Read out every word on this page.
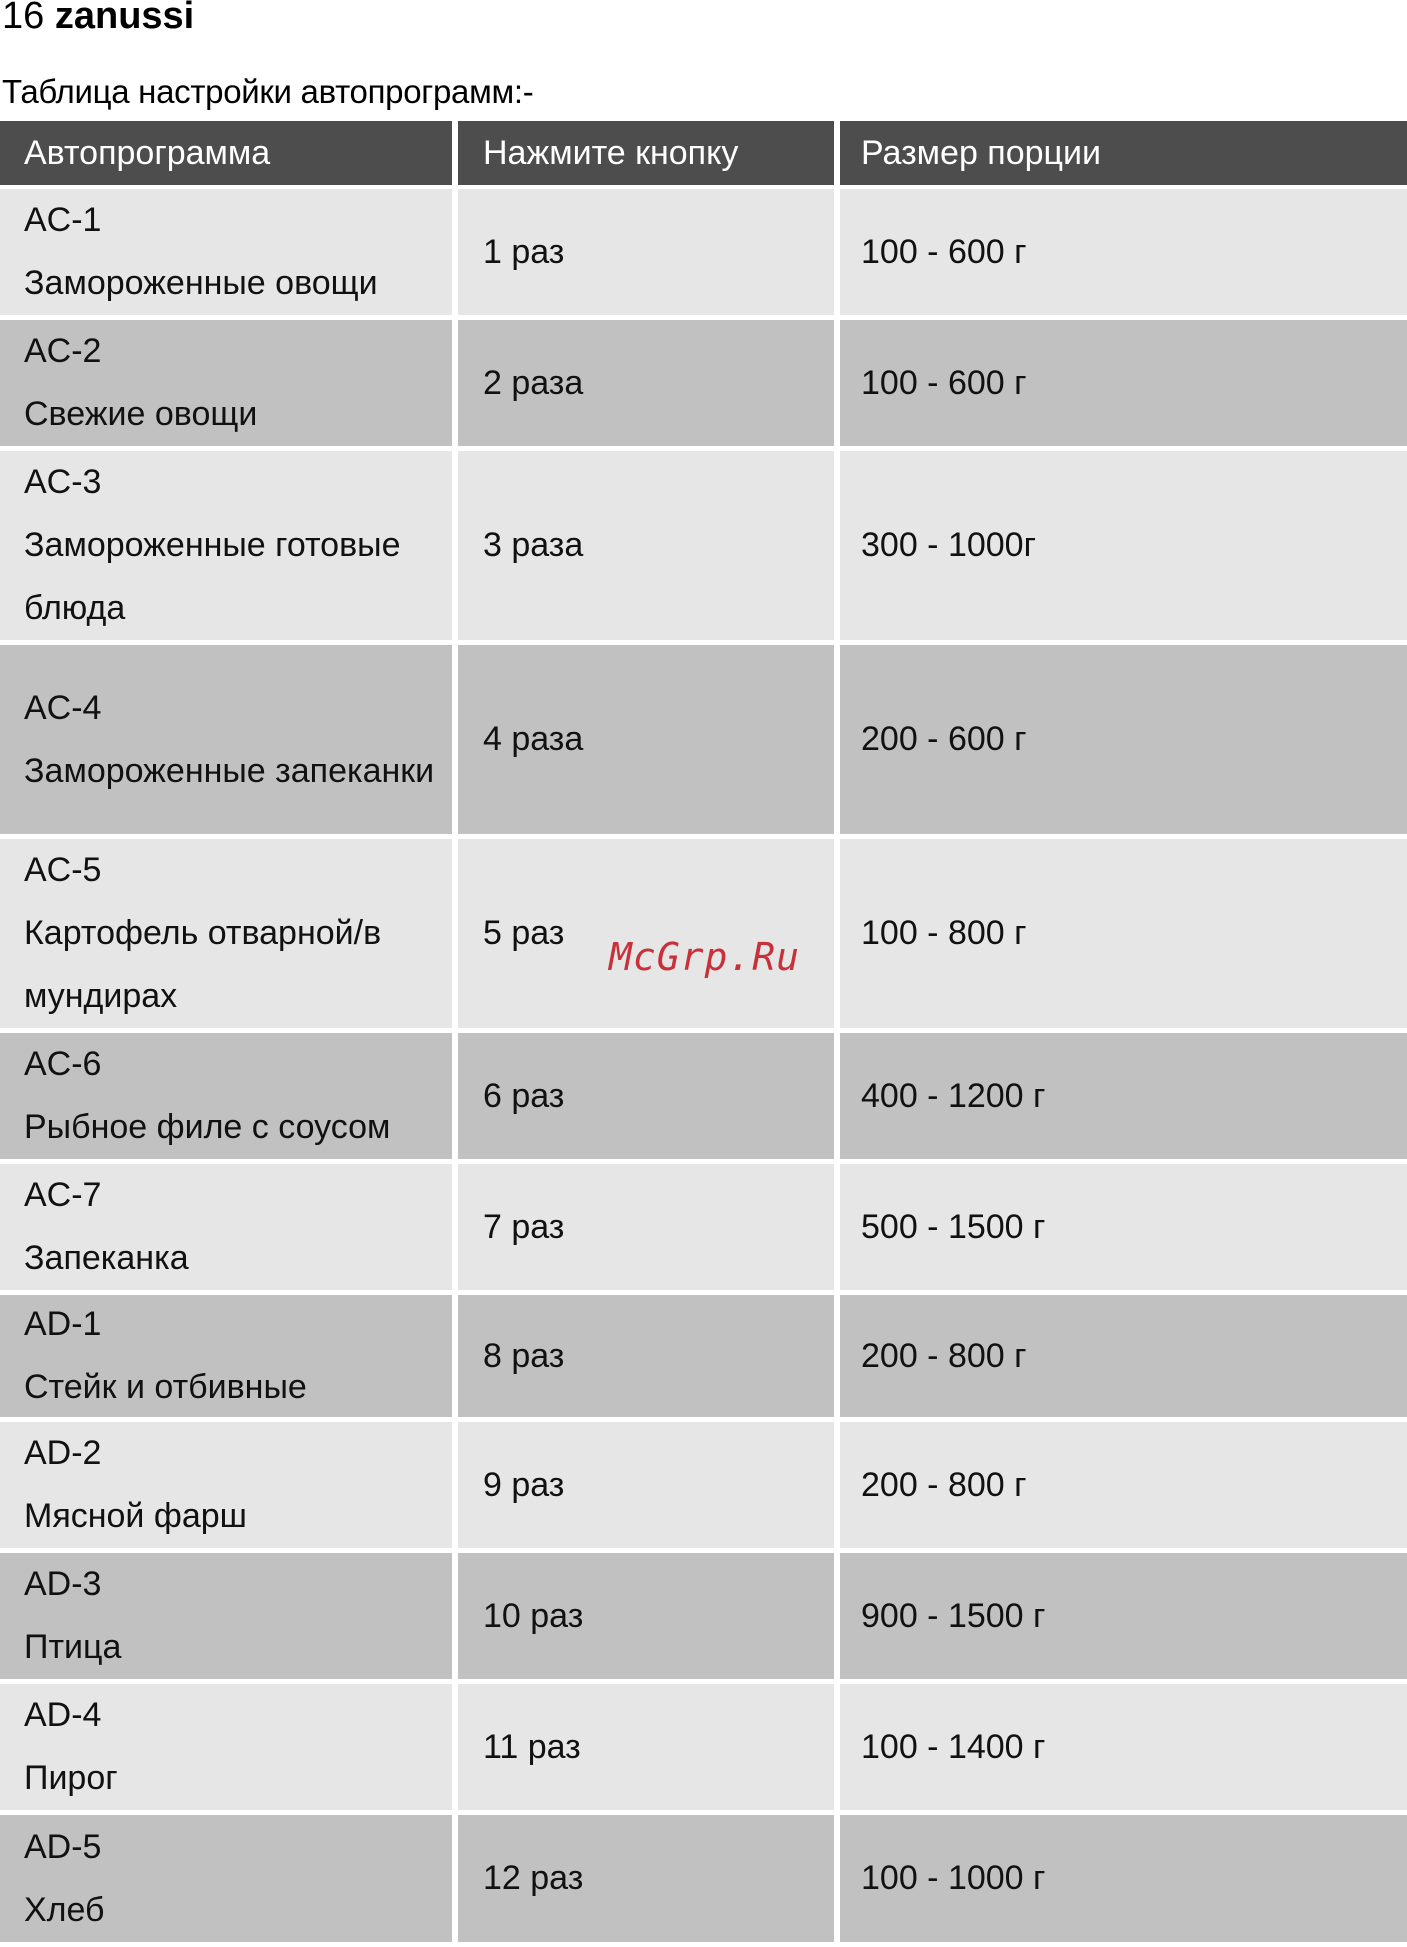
16 zanussi
Таблица настройки автопрограмм:-
Автопрограмма	Нажмите кнопку	Размер порции
AC-1
Замороженные овощи
1 раз	100 - 600 г
AC-2
Свежие овощи
2 раза	100 - 600 г
AC-3
Замороженные готовые блюда
3 раза	300 - 1000г
AC-4
Замороженные запеканки
4 раза	200 - 600 г
AC-5
Картофель отварной/в мундирах
5 раз	100 - 800 г
AC-6
Рыбное филе с соусом
6 раз	400 - 1200 г
AC-7
Запеканка
7 раз	500 - 1500 г
AD-1
Стейк и отбивные
8 раз	200 - 800 г
AD-2
Мясной фарш
9 раз	200 - 800 г
AD-3
Птица
10 раз	900 - 1500 г
AD-4
Пирог
11 раз	100 - 1400 г
AD-5
Хлеб
12 раз	100 - 1000 г
McGrp.Ru
